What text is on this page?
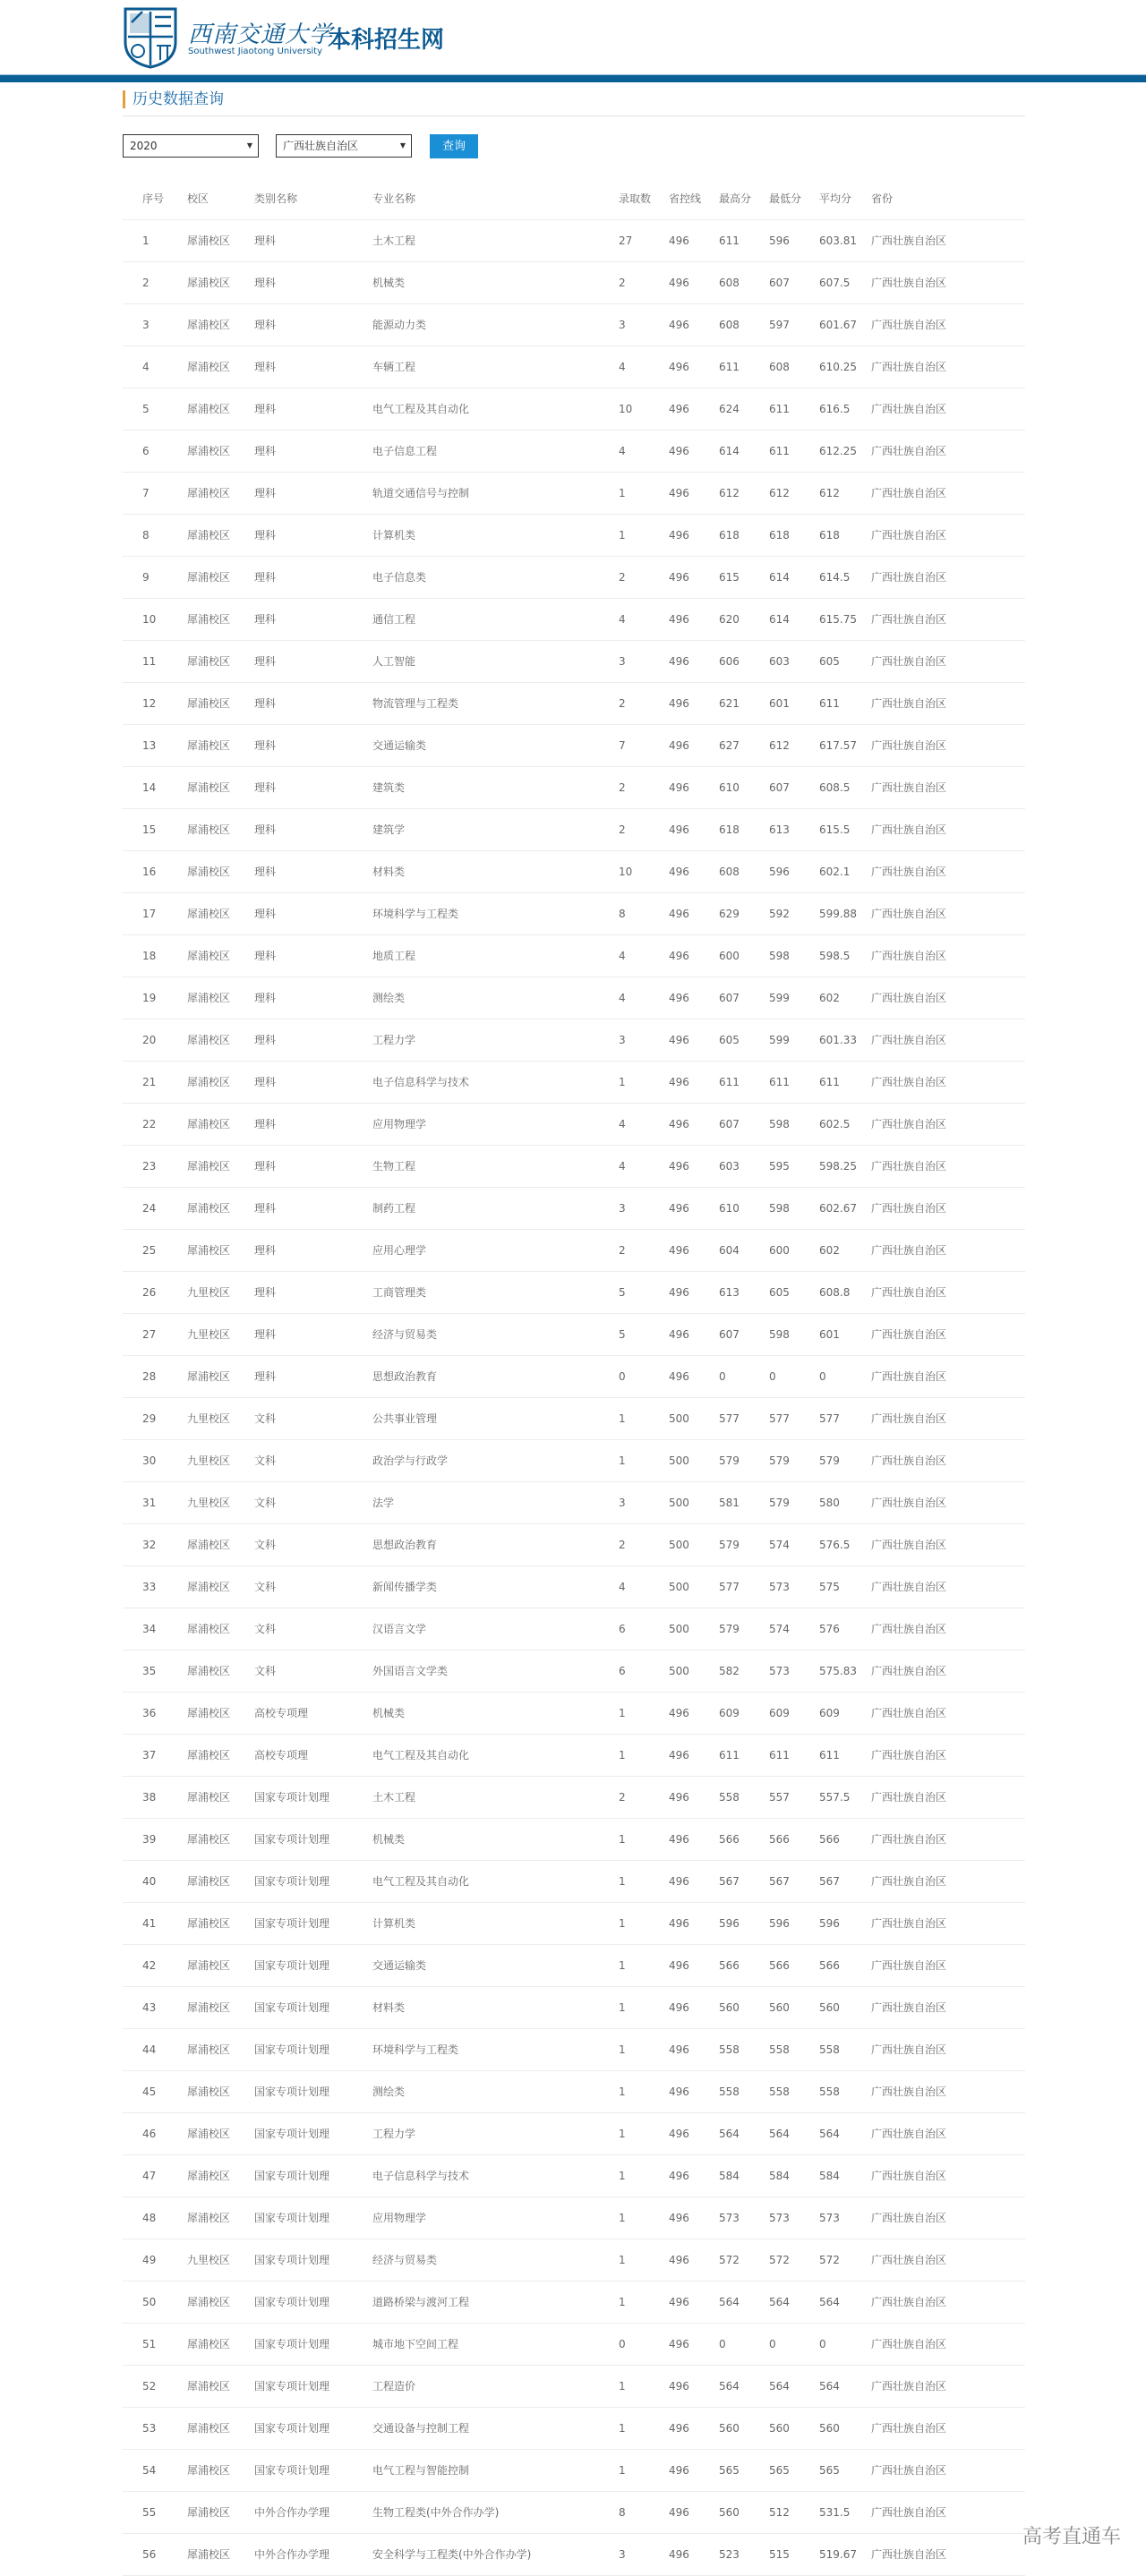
西南交通大学
Southwest Jiaotong University 本科招生网
历史数据查询
2020	▼	广西壮族自治区	▼	查询
序号 校区	类别名称	专业名称	录取数 省控线 最高分 最低分 平均分 省份
1	犀浦校区 理科	土木工程	27	496	611	596	603.81 广西壮族自治区
2	犀浦校区 理科	机械类	2	496	608	607	607.5 广西壮族自治区
3	犀浦校区 理科	能源动力类	3	496	608	597	601.67 广西壮族自治区
4	犀浦校区 理科	车辆工程	4	496	611	608	610.25 广西壮族自治区
5	犀浦校区 理科	电气工程及其自动化	10	496	624	611	616.5 广西壮族自治区
6	犀浦校区 理科	电子信息工程	4	496	614	611	612.25 广西壮族自治区
7	犀浦校区 理科	轨道交通信号与控制	1	496	612	612	612	广西壮族自治区
8	犀浦校区 理科	计算机类	1	496	618	618	618	广西壮族自治区
9	犀浦校区 理科	电子信息类	2	496	615	614	614.5 广西壮族自治区
10	犀浦校区 理科	通信工程	4	496	620	614	615.75 广西壮族自治区
11	犀浦校区 理科	人工智能	3	496	606	603	605	广西壮族自治区
12	犀浦校区 理科	物流管理与工程类	2	496	621	601	611	广西壮族自治区
13	犀浦校区 理科	交通运输类	7	496	627	612	617.57 广西壮族自治区
14	犀浦校区 理科	建筑类	2	496	610	607	608.5 广西壮族自治区
15	犀浦校区 理科	建筑学	2	496	618	613	615.5 广西壮族自治区
16	犀浦校区 理科	材料类	10	496	608	596	602.1 广西壮族自治区
17	犀浦校区 理科	环境科学与工程类	8	496	629	592	599.88 广西壮族自治区
18	犀浦校区 理科	地质工程	4	496	600	598	598.5 广西壮族自治区
19	犀浦校区 理科	测绘类	4	496	607	599	602	广西壮族自治区
20	犀浦校区 理科	工程力学	3	496	605	599	601.33 广西壮族自治区
21	犀浦校区 理科	电子信息科学与技术	1	496	611	611	611	广西壮族自治区
22	犀浦校区 理科	应用物理学	4	496	607	598	602.5 广西壮族自治区
23	犀浦校区 理科	生物工程	4	496	603	595	598.25 广西壮族自治区
24	犀浦校区 理科	制药工程	3	496	610	598	602.67 广西壮族自治区
25	犀浦校区 理科	应用心理学	2	496	604	600	602	广西壮族自治区
26	九里校区 理科	工商管理类	5	496	613	605	608.8 广西壮族自治区
27	九里校区 理科	经济与贸易类	5	496	607	598	601	广西壮族自治区
28	犀浦校区 理科	思想政治教育	0	496	0	0	0	广西壮族自治区
29	九里校区 文科	公共事业管理	1	500	577	577	577	广西壮族自治区
30	九里校区 文科	政治学与行政学	1	500	579	579	579	广西壮族自治区
31	九里校区 文科	法学	3	500	581	579	580	广西壮族自治区
32	犀浦校区 文科	思想政治教育	2	500	579	574	576.5 广西壮族自治区
33	犀浦校区 文科	新闻传播学类	4	500	577	573	575	广西壮族自治区
34	犀浦校区 文科	汉语言文学	6	500	579	574	576	广西壮族自治区
35	犀浦校区 文科	外国语言文学类	6	500	582	573	575.83 广西壮族自治区
36	犀浦校区 高校专项理	机械类	1	496	609	609	609	广西壮族自治区
37	犀浦校区 高校专项理	电气工程及其自动化	1	496	611	611	611	广西壮族自治区
38	犀浦校区 国家专项计划理	土木工程	2	496	558	557	557.5 广西壮族自治区
39	犀浦校区 国家专项计划理	机械类	1	496	566	566	566	广西壮族自治区
40	犀浦校区 国家专项计划理	电气工程及其自动化	1	496	567	567	567	广西壮族自治区
41	犀浦校区 国家专项计划理	计算机类	1	496	596	596	596	广西壮族自治区
42	犀浦校区 国家专项计划理	交通运输类	1	496	566	566	566	广西壮族自治区
43	犀浦校区 国家专项计划理	材料类	1	496	560	560	560	广西壮族自治区
44	犀浦校区 国家专项计划理	环境科学与工程类	1	496	558	558	558	广西壮族自治区
45	犀浦校区 国家专项计划理	测绘类	1	496	558	558	558	广西壮族自治区
46	犀浦校区 国家专项计划理	工程力学	1	496	564	564	564	广西壮族自治区
47	犀浦校区 国家专项计划理	电子信息科学与技术	1	496	584	584	584	广西壮族自治区
48	犀浦校区 国家专项计划理	应用物理学	1	496	573	573	573	广西壮族自治区
49	九里校区 国家专项计划理	经济与贸易类	1	496	572	572	572	广西壮族自治区
50	犀浦校区 国家专项计划理	道路桥梁与渡河工程	1	496	564	564	564	广西壮族自治区
51	犀浦校区 国家专项计划理	城市地下空间工程	0	496	0	0	0	广西壮族自治区
52	犀浦校区 国家专项计划理	工程造价	1	496	564	564	564	广西壮族自治区
53	犀浦校区 国家专项计划理	交通设备与控制工程	1	496	560	560	560	广西壮族自治区
54	犀浦校区 国家专项计划理	电气工程与智能控制	1	496	565	565	565	广西壮族自治区
55	犀浦校区 中外合作办学理	生物工程类(中外合作办学)	8	496	560	512	531.5 广西壮族自治区
56	犀浦校区 中外合作办学理	安全科学与工程类(中外合作办学)	3	496	523	515	519.67 广西壮族自治区
高考直通车
